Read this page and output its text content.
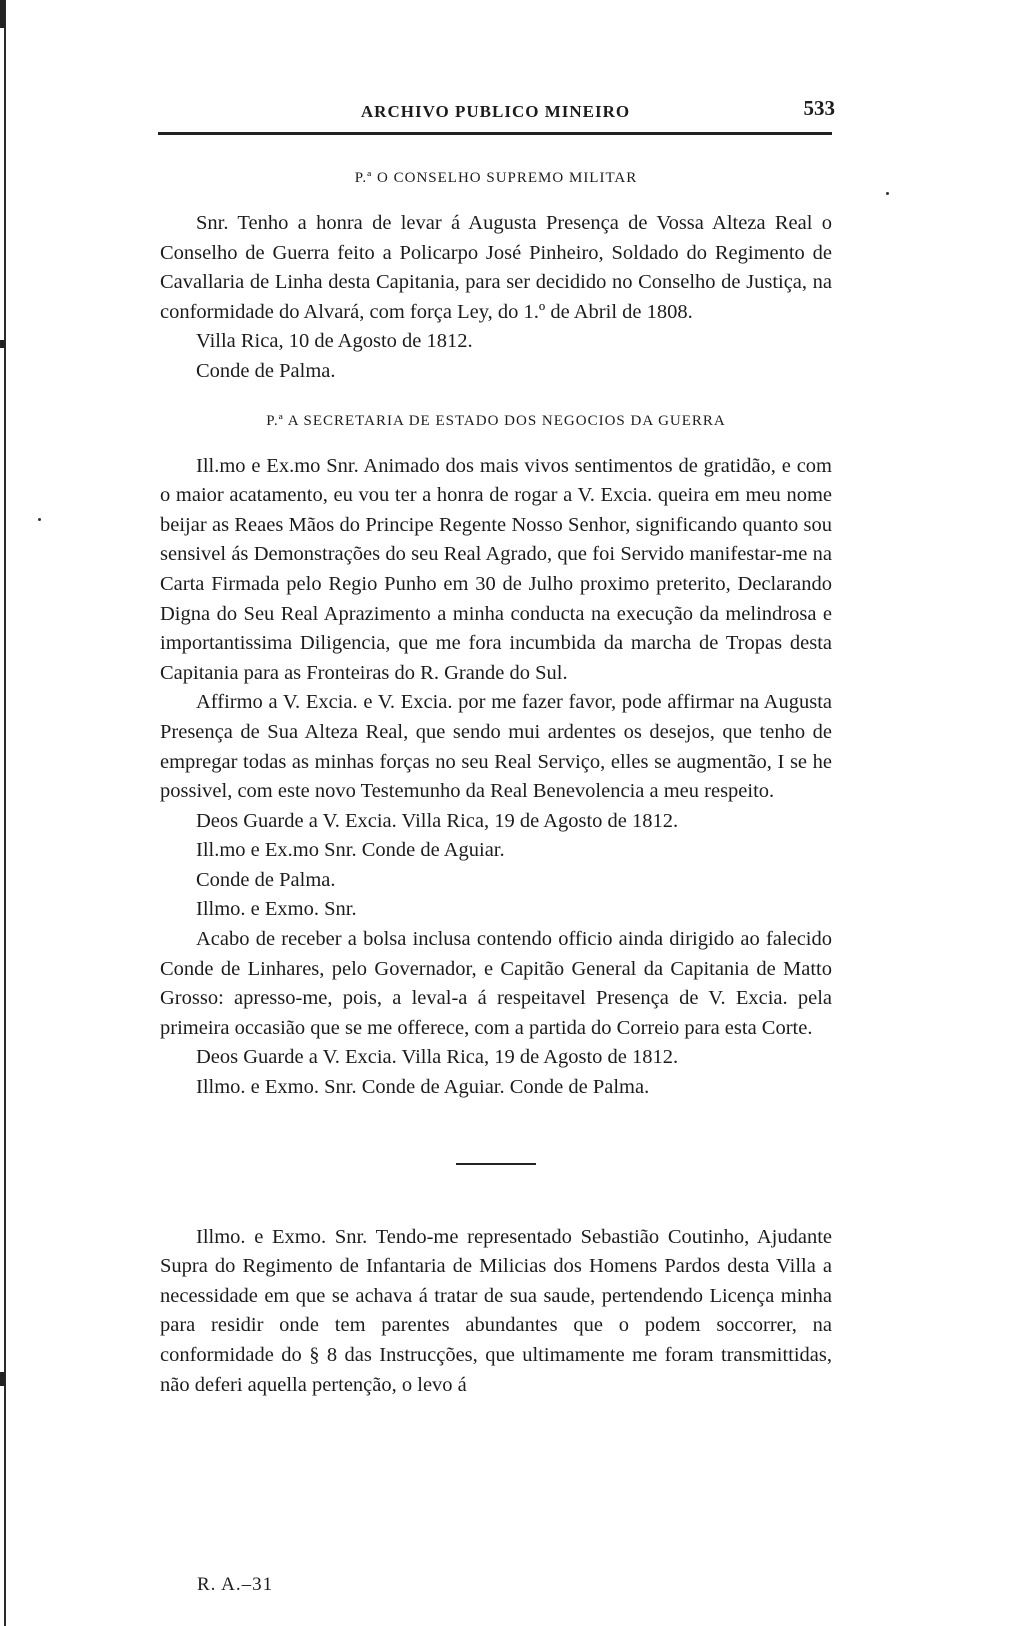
ARCHIVO PUBLICO MINEIRO	533
P.ª O CONSELHO SUPREMO MILITAR

Snr. Tenho a honra de levar á Augusta Presença de Vossa Alteza Real o Conselho de Guerra feito a Policarpo José Pinheiro, Soldado do Regimento de Cavallaria de Linha desta Capitania, para ser decidido no Conselho de Justiça, na conformidade do Alvará, com força Ley, do 1.º de Abril de 1808.

Villa Rica, 10 de Agosto de 1812.

Conde de Palma.

P.ª A SECRETARIA DE ESTADO DOS NEGOCIOS DA GUERRA

Ill.mo e Ex.mo Snr. Animado dos mais vivos sentimentos de gratidão, e com o maior acatamento, eu vou ter a honra de rogar a V. Excia. queira em meu nome beijar as Reaes Mãos do Principe Regente Nosso Senhor, significando quanto sou sensivel ás Demonstrações do seu Real Agrado, que foi Servido manifestar-me na Carta Firmada pelo Regio Punho em 30 de Julho proximo preterito, Declarando Digna do Seu Real Aprazimento a minha conducta na execução da melindrosa e importantissima Diligencia, que me fora incumbida da marcha de Tropas desta Capitania para as Fronteiras do R. Grande do Sul.

Affirmo a V. Excia. e V. Excia. por me fazer favor, pode affirmar na Augusta Presença de Sua Alteza Real, que sendo mui ardentes os desejos, que tenho de empregar todas as minhas forças no seu Real Serviço, elles se augmentão, I se he possivel, com este novo Testemunho da Real Benevolencia a meu respeito.

Deos Guarde a V. Excia. Villa Rica, 19 de Agosto de 1812.

Ill.mo e Ex.mo Snr. Conde de Aguiar.

Conde de Palma.

Illmo. e Exmo. Snr.

Acabo de receber a bolsa inclusa contendo officio ainda dirigido ao falecido Conde de Linhares, pelo Governador, e Capitão General da Capitania de Matto Grosso: apresso-me, pois, a leval-a á respeitavel Presença de V. Excia. pela primeira occasião que se me offerece, com a partida do Correio para esta Corte.

Deos Guarde a V. Excia. Villa Rica, 19 de Agosto de 1812.

Illmo. e Exmo. Snr. Conde de Aguiar. Conde de Palma.

Illmo. e Exmo. Snr. Tendo-me representado Sebastião Coutinho, Ajudante Supra do Regimento de Infantaria de Milicias dos Homens Pardos desta Villa a necessidade em que se achava á tratar de sua saude, pertendendo Licença minha para residir onde tem parentes abundantes que o podem soccorrer, na conformidade do § 8 das Instrucções, que ultimamente me foram transmittidas, não deferi aquella pertenção, o levo á

R. A.–31
